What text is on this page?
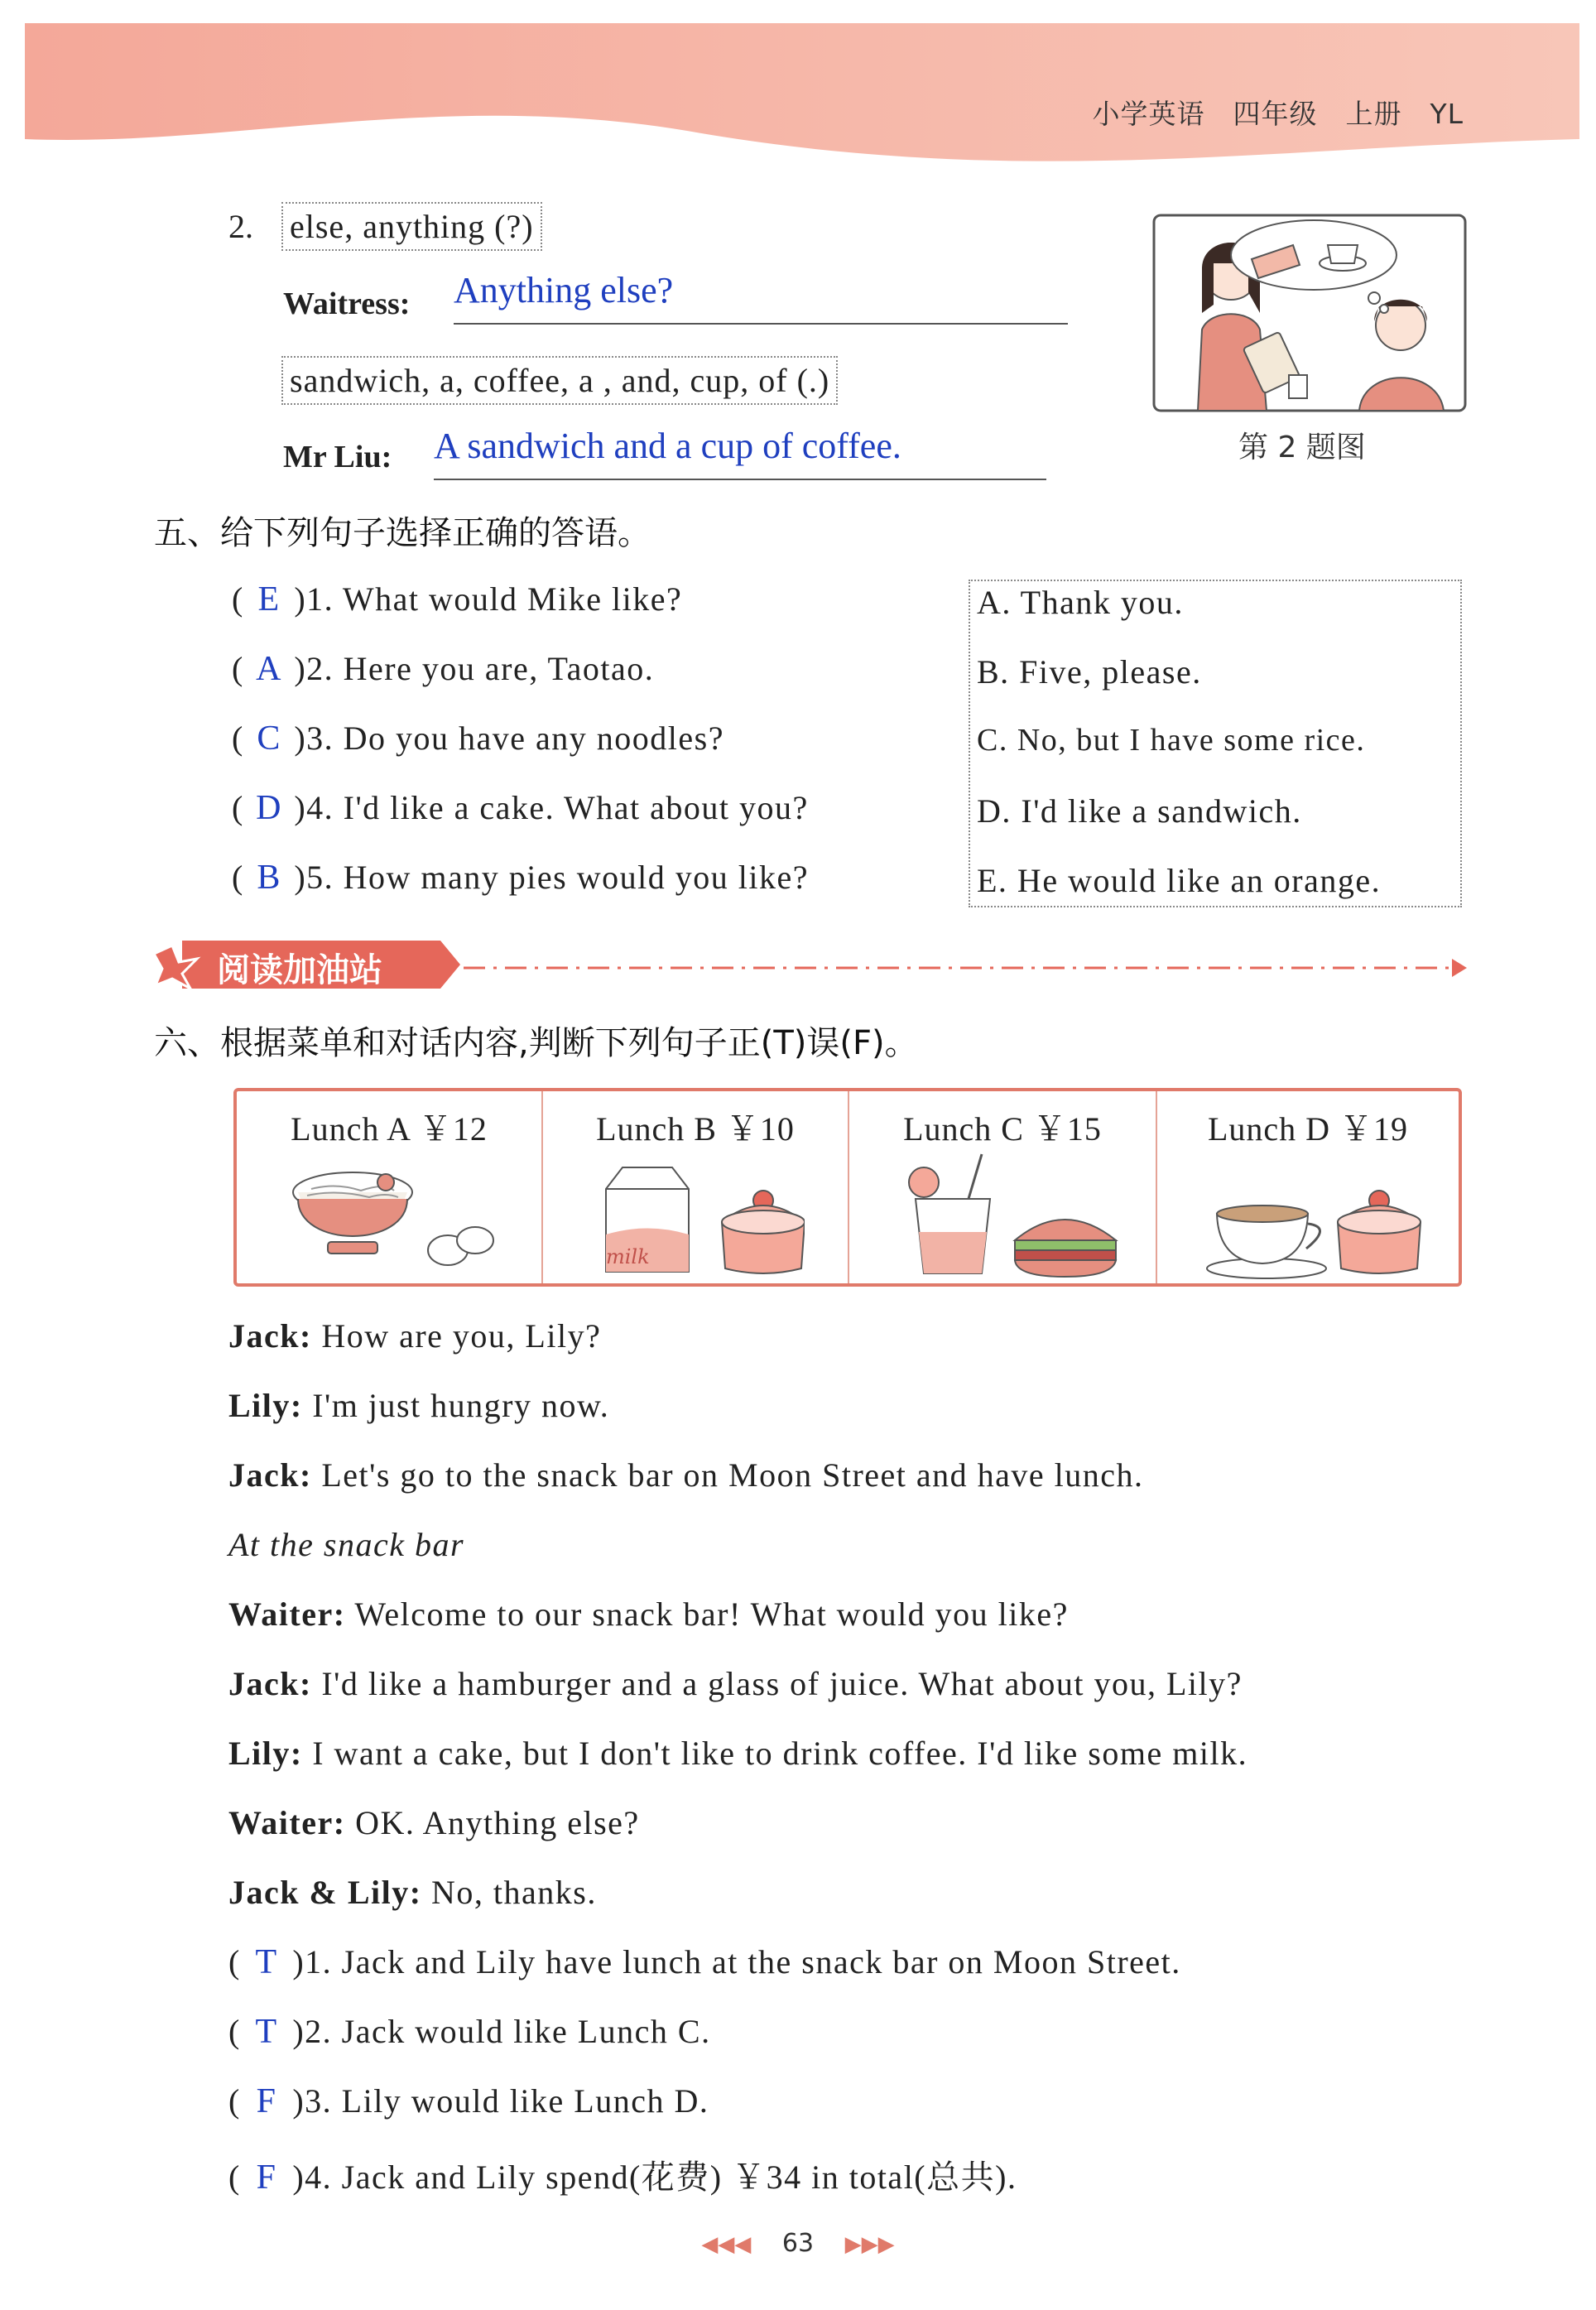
小学英语 四年级 上册 YL
2. else, anything (?)
Waitress: Anything else?
sandwich, a, coffee, a , and, cup, of (.)
Mr Liu: A sandwich and a cup of coffee.	第 2 题图
五、给下列句子选择正确的答语。
( E )1. What would Mike like?
( A )2. Here you are, Taotao.
( C )3. Do you have any noodles?
( D )4. I'd like a cake. What about you?
( B )5. How many pies would you like?
A. Thank you.
B. Five, please.
C. No, but I have some rice.
D. I'd like a sandwich.
E. He would like an orange.
阅读加油站
六、根据菜单和对话内容,判断下列句子正(T)误(F)。
Lunch A ￥12	Lunch B ￥10
milk
Lunch C ￥15	Lunch D ￥19
Jack: How are you, Lily?
Lily: I'm just hungry now.
Jack: Let's go to the snack bar on Moon Street and have lunch.
At the snack bar
Waiter: Welcome to our snack bar! What would you like?
Jack: I'd like a hamburger and a glass of juice. What about you, Lily?
Lily: I want a cake, but I don't like to drink coffee. I'd like some milk.
Waiter: OK. Anything else?
Jack & Lily: No, thanks.
( T )1. Jack and Lily have lunch at the snack bar on Moon Street.
( T )2. Jack would like Lunch C.
( F )3. Lily would like Lunch D.
( F )4. Jack and Lily spend(花费) ￥34 in total(总共).
◀◀◀ 63 ▶▶▶
